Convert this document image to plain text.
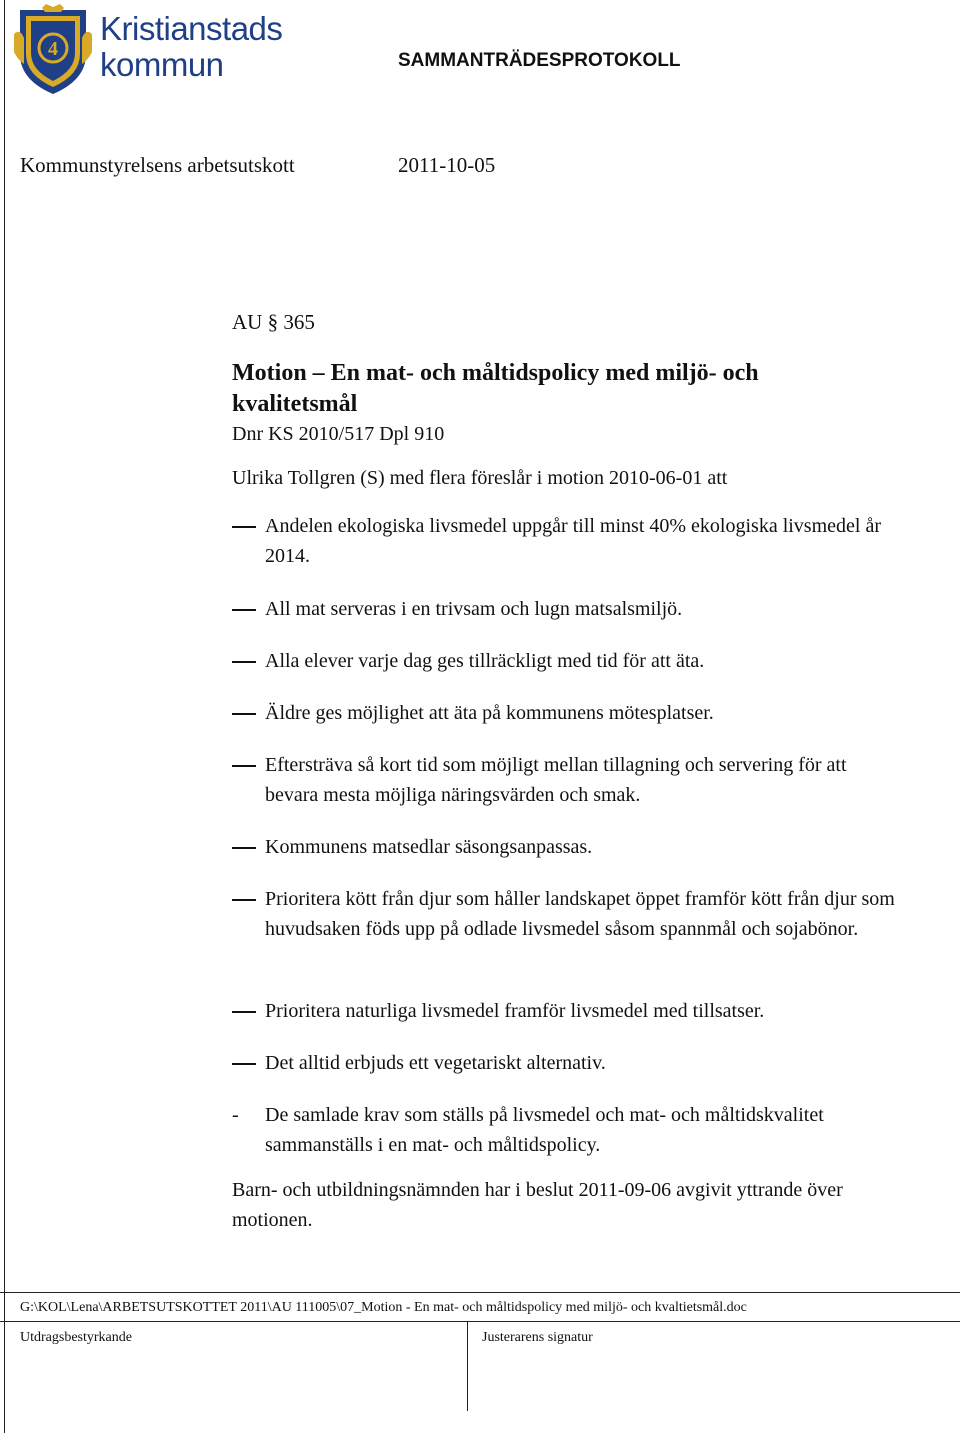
4
Kristianstads
kommun	SAMMANTRÄDESPROTOKOLL
Kommunstyrelsens arbetsutskott	2011-10-05
AU § 365
Motion – En mat- och måltidspolicy med miljö- och kvalitetsmål
Dnr KS 2010/517 Dpl 910
Ulrika Tollgren (S) med flera föreslår i motion 2010-06-01 att
Andelen ekologiska livsmedel uppgår till minst 40% ekologiska livsmedel år 2014.
All mat serveras i en trivsam och lugn matsalsmiljö.
Alla elever varje dag ges tillräckligt med tid för att äta.
Äldre ges möjlighet att äta på kommunens mötesplatser.
Eftersträva så kort tid som möjligt mellan tillagning och servering för att bevara mesta möjliga näringsvärden och smak.
Kommunens matsedlar säsongsanpassas.
Prioritera kött från djur som håller landskapet öppet framför kött från djur som huvudsaken föds upp på odlade livsmedel såsom spannmål och sojabönor.
Prioritera naturliga livsmedel framför livsmedel med tillsatser.
Det alltid erbjuds ett vegetariskt alternativ.
-	De samlade krav som ställs på livsmedel och mat- och måltidskvalitet sammanställs i en mat- och måltidspolicy.
Barn- och utbildningsnämnden har i beslut 2011-09-06 avgivit yttrande över motionen.
G:\KOL\Lena\ARBETSUTSKOTTET 2011\AU 111005\07_Motion - En mat- och måltidspolicy med miljö- och kvaltietsmål.doc
Utdragsbestyrkande	Justerarens signatur
